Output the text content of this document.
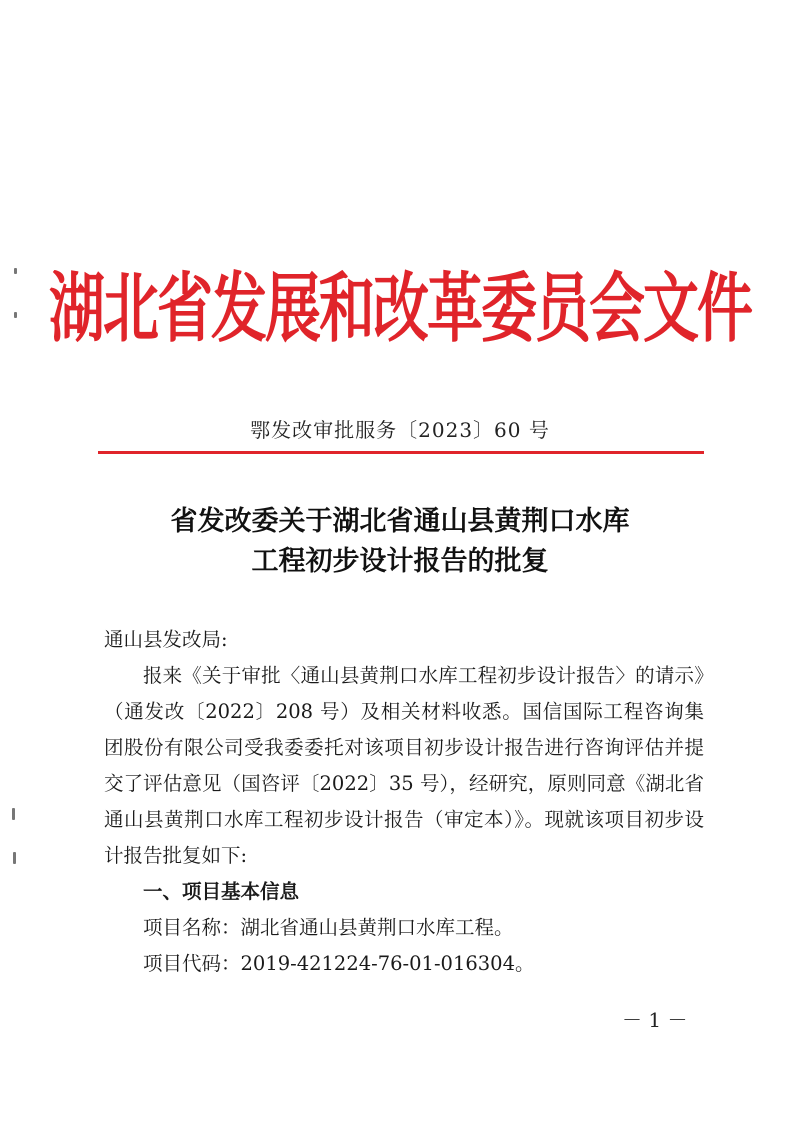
湖北省发展和改革委员会文件
鄂发改审批服务〔2023〕60 号
省发改委关于湖北省通山县黄荆口水库
工程初步设计报告的批复

通山县发改局:

报来《关于审批〈通山县黄荆口水库工程初步设计报告〉的请示》（通发改〔2022〕208 号）及相关材料收悉。国信国际工程咨询集团股份有限公司受我委委托对该项目初步设计报告进行咨询评估并提交了评估意见（国咨评〔2022〕35 号），经研究，原则同意《湖北省通山县黄荆口水库工程初步设计报告（审定本）》。现就该项目初步设计报告批复如下:

一、项目基本信息

项目名称：湖北省通山县黄荆口水库工程。

项目代码：2019-421224-76-01-016304。

－ 1 －
